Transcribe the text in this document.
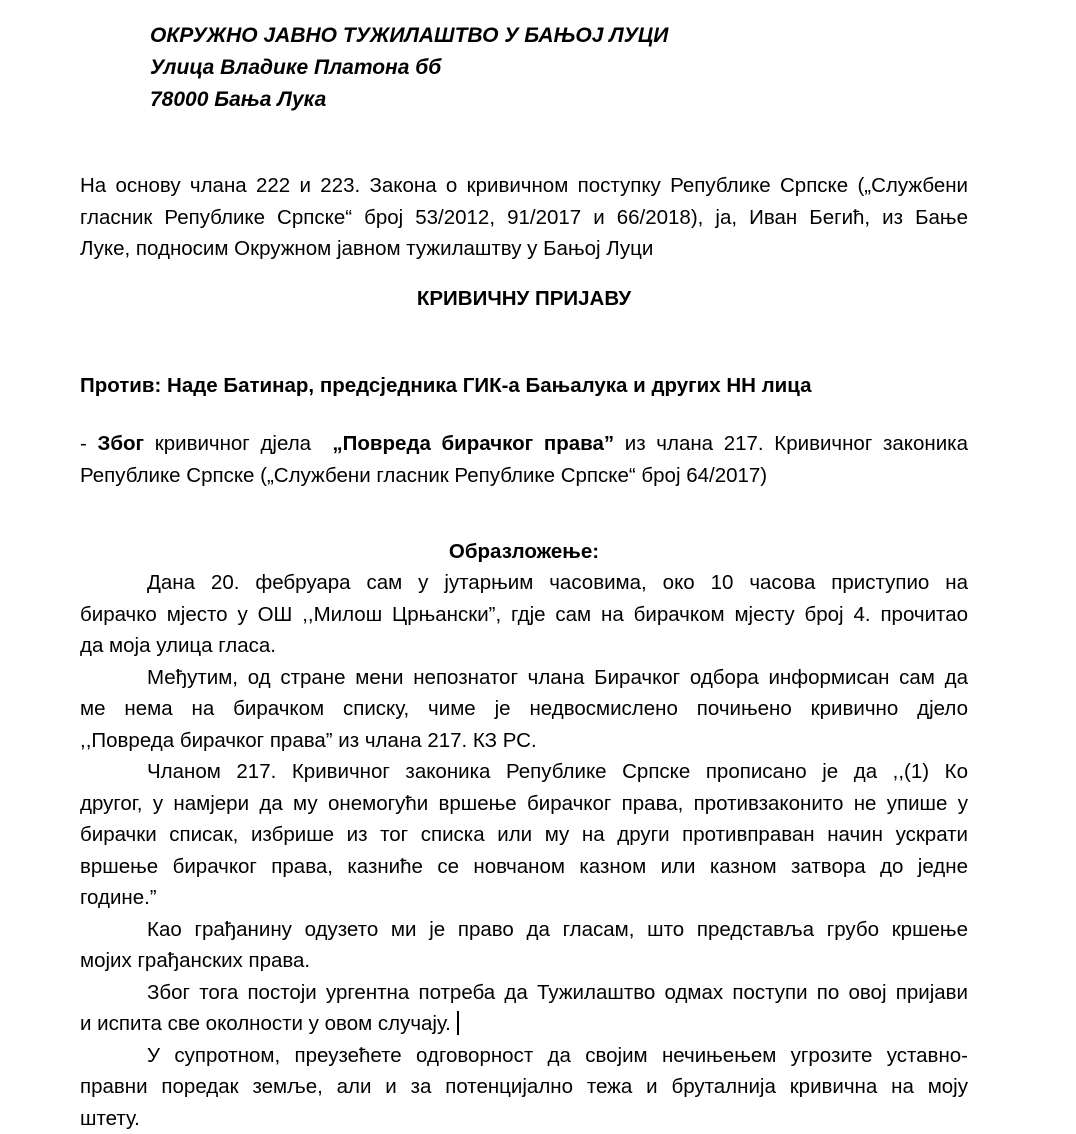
ОКРУЖНО ЈАВНО ТУЖИЛАШТВО У БАЊОЈ ЛУЦИ
Улица Владике Платона бб
78000 Бања Лука
На основу члана 222 и 223. Закона о кривичном поступку Републике Српске („Службени
гласник Републике Српске“ број 53/2012, 91/2017 и 66/2018), ја, Иван Бегић, из Бање
Луке, подносим Окружном јавном тужилаштву у Бањој Луци
КРИВИЧНУ ПРИЈАВУ
Против: Наде Батинар, предсједника ГИК-а Бањалука и других НН лица
- Због кривичног дјела  „Повреда бирачког права” из члана 217. Кривичног законика
Републике Српске („Службени гласник Републике Српске“ број 64/2017)
Образложење:
Дана 20. фебруара сам у јутарњим часовима, око 10 часова приступио на
бирачко мјесто у ОШ ,,Милош Црњански”, гдје сам на бирачком мјесту број 4. прочитао
да моја улица гласа.
Међутим, од стране мени непознатог члана Бирачког одбора информисан сам да
ме нема на бирачком списку, чиме је недвосмислено почињено кривично дјело
,,Повреда бирачког права” из члана 217. КЗ РС.
Чланом 217. Кривичног законика Републике Српске прописано је да ,,(1) Ко
другог, у намјери да му онемогући вршење бирачког права, противзаконито не упише у
бирачки списак, избрише из тог списка или му на други противправан начин ускрати
вршење бирачког права, казниће се новчаном казном или казном затвора до једне
године.”
Као грађанину одузето ми је право да гласам, што представља грубо кршење
мојих грађанских права.
Због тога постоји ургентна потреба да Тужилаштво одмах поступи по овој пријави
и испита све околности у овом случају.
У супротном, преузећете одговорност да својим нечињењем угрозите уставно-
правни поредак земље, али и за потенцијално тежа и бруталнија кривична на моју
штету.
